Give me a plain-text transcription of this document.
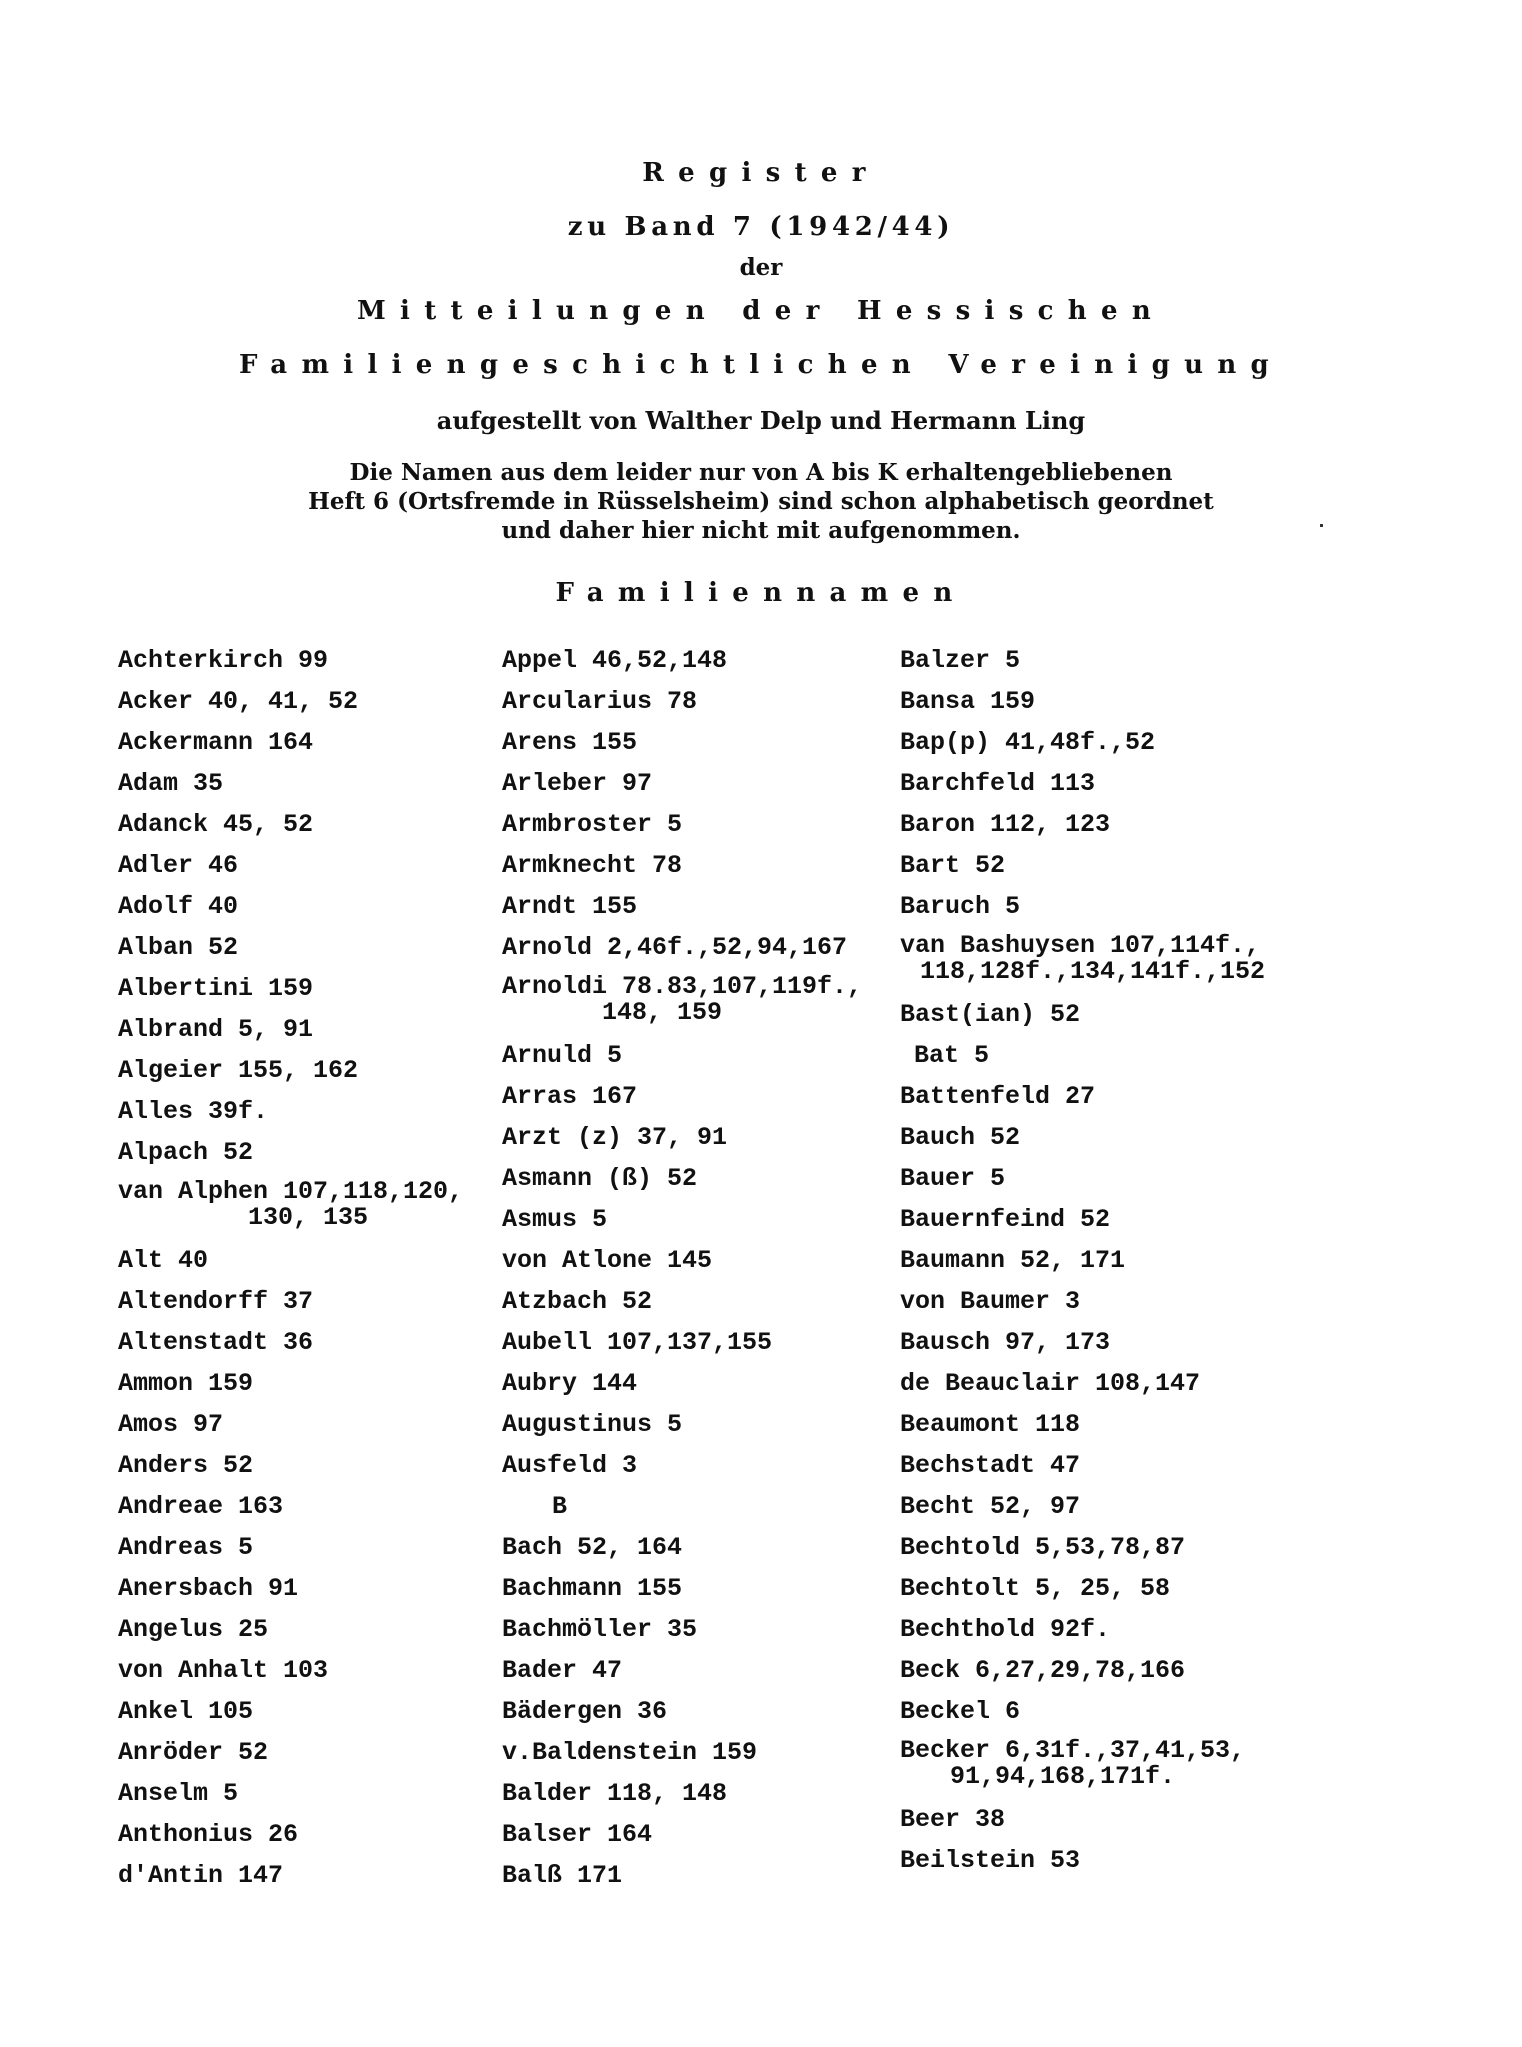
Register
zu Band 7 (1942/44)
der
Mitteilungen der Hessischen
Familiengeschichtlichen Vereinigung
aufgestellt von Walther Delp und Hermann Ling
Die Namen aus dem leider nur von A bis K erhaltengebliebenen
Heft 6 (Ortsfremde in Rüsselsheim) sind schon alphabetisch geordnet
und daher hier nicht mit aufgenommen.
Familiennamen
Achterkirch 99
Acker 40, 41, 52
Ackermann 164
Adam 35
Adanck 45, 52
Adler 46
Adolf 40
Alban 52
Albertini 159
Albrand 5, 91
Algeier 155, 162
Alles 39f.
Alpach 52
van Alphen 107,118,120,
130, 135
Alt 40
Altendorff 37
Altenstadt 36
Ammon 159
Amos 97
Anders 52
Andreae 163
Andreas 5
Anersbach 91
Angelus 25
von Anhalt 103
Ankel 105
Anröder 52
Anselm 5
Anthonius 26
d'Antin 147
Appel 46,52,148
Arcularius 78
Arens 155
Arleber 97
Armbroster 5
Armknecht 78
Arndt 155
Arnold 2,46f.,52,94,167
Arnoldi 78.83,107,119f.,
148, 159
Arnuld 5
Arras 167
Arzt (z) 37, 91
Asmann (ß) 52
Asmus 5
von Atlone 145
Atzbach 52
Aubell 107,137,155
Aubry 144
Augustinus 5
Ausfeld 3
B
Bach 52, 164
Bachmann 155
Bachmöller 35
Bader 47
Bädergen 36
v.Baldenstein 159
Balder 118, 148
Balser 164
Balß 171
Balzer 5
Bansa 159
Bap(p) 41,48f.,52
Barchfeld 113
Baron 112, 123
Bart 52
Baruch 5
van Bashuysen 107,114f.,
118,128f.,134,141f.,152
Bast(ian) 52
Bat 5
Battenfeld 27
Bauch 52
Bauer 5
Bauernfeind 52
Baumann 52, 171
von Baumer 3
Bausch 97, 173
de Beauclair 108,147
Beaumont 118
Bechstadt 47
Becht 52, 97
Bechtold 5,53,78,87
Bechtolt 5, 25, 58
Bechthold 92f.
Beck 6,27,29,78,166
Beckel 6
Becker 6,31f.,37,41,53,
91,94,168,171f.
Beer 38
Beilstein 53
